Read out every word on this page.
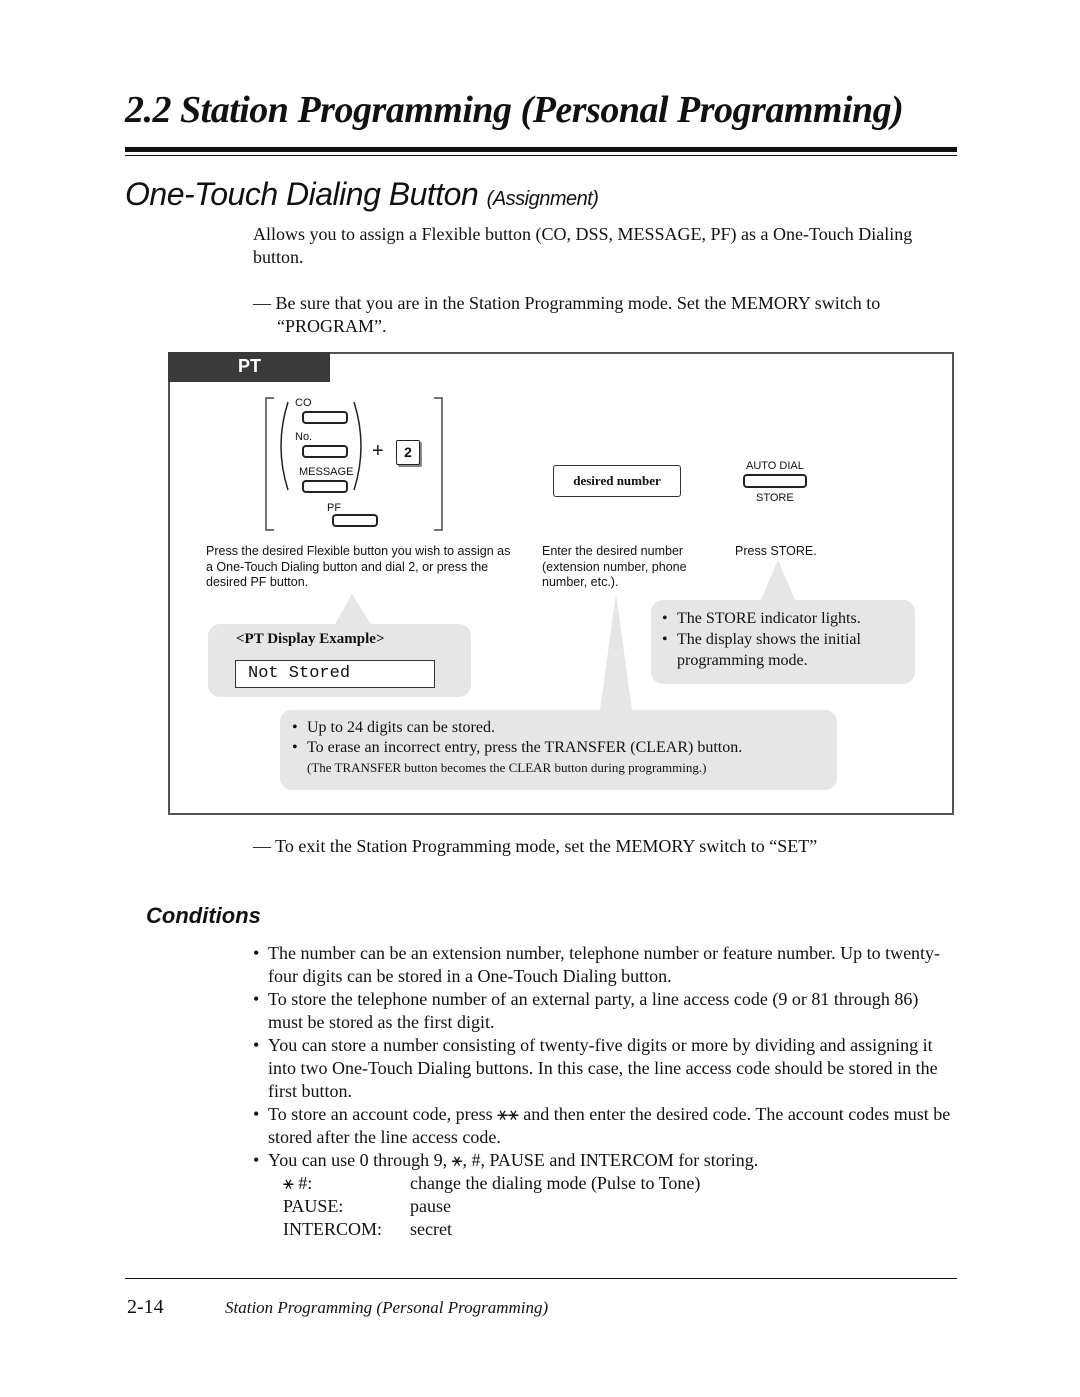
2.2 Station Programming (Personal Programming)
One-Touch Dialing Button (Assignment)
Allows you to assign a Flexible button (CO, DSS, MESSAGE, PF) as a One-Touch Dialing button.
— Be sure that you are in the Station Programming mode. Set the MEMORY switch to
“PROGRAM”.
PT
CO
No.
MESSAGE
PF
+	2
desired number
AUTO DIAL
STORE
Press the desired Flexible button you wish to assign as a One-Touch Dialing button and dial 2, or press the desired PF button.
Enter the desired number (extension number, phone number, etc.).
Press STORE.
<PT Display Example>
Not Stored
• The STORE indicator lights.
• The display shows the initial programming mode.
• Up to 24 digits can be stored.
• To erase an incorrect entry, press the TRANSFER (CLEAR) button.
(The TRANSFER button becomes the CLEAR button during programming.)
— To exit the Station Programming mode, set the MEMORY switch to “SET”
Conditions
• The number can be an extension number, telephone number or feature number. Up to twenty-four digits can be stored in a One-Touch Dialing button.
• To store the telephone number of an external party, a line access code (9 or 81 through 86) must be stored as the first digit.
• You can store a number consisting of twenty-five digits or more by dividing and assigning it into two One-Touch Dialing buttons. In this case, the line access code should be stored in the first button.
• To store an account code, press ⚹⚹ and then enter the desired code. The account codes must be stored after the line access code.
• You can use 0 through 9, ⚹, #, PAUSE and INTERCOM for storing.
⚹ #:	change the dialing mode (Pulse to Tone)
PAUSE:	pause
INTERCOM: secret
2-14	Station Programming (Personal Programming)
